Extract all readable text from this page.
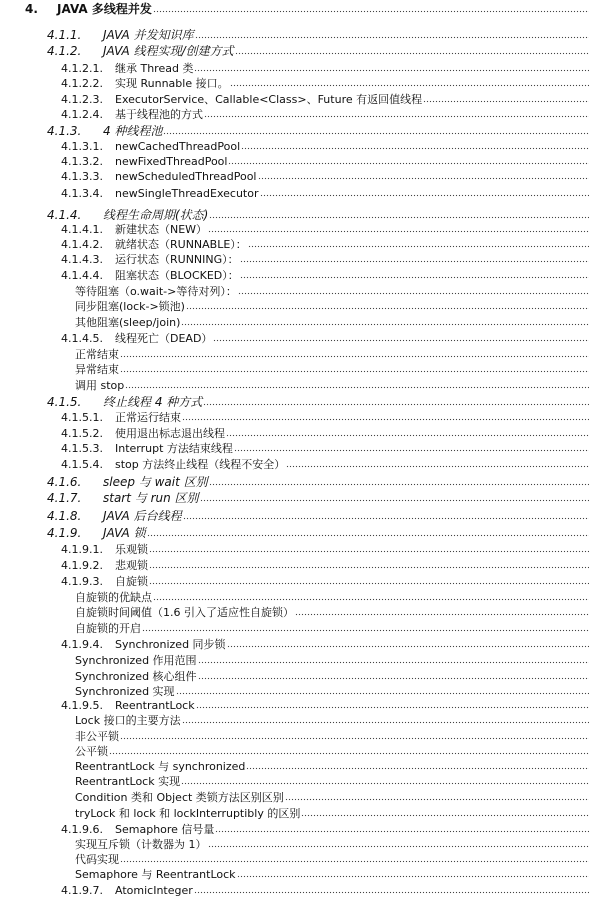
4.	JAVA 多线程并发
4.1.1.	JAVA 并发知识库
4.1.2.	JAVA 线程实现/创建方式
4.1.2.1.	继承 Thread 类
4.1.2.2.	实现 Runnable 接口。
4.1.2.3.	ExecutorService、Callable<Class>、Future 有返回值线程
4.1.2.4.	基于线程池的方式
4.1.3.	4 种线程池
4.1.3.1.	newCachedThreadPool
4.1.3.2.	newFixedThreadPool
4.1.3.3.	newScheduledThreadPool
4.1.3.4.	newSingleThreadExecutor
4.1.4.	线程生命周期(状态)
4.1.4.1.	新建状态（NEW）
4.1.4.2.	就绪状态（RUNNABLE）：
4.1.4.3.	运行状态（RUNNING）：
4.1.4.4.	阻塞状态（BLOCKED）：
等待阻塞（o.wait->等待对列）：
同步阻塞(lock->锁池)
其他阻塞(sleep/join)
4.1.4.5.	线程死亡（DEAD）
正常结束
异常结束
调用 stop
4.1.5.	终止线程 4 种方式
4.1.5.1.	正常运行结束
4.1.5.2.	使用退出标志退出线程
4.1.5.3.	Interrupt 方法结束线程
4.1.5.4.	stop 方法终止线程（线程不安全）
4.1.6.	sleep 与 wait 区别
4.1.7.	start 与 run 区别
4.1.8.	JAVA 后台线程
4.1.9.	JAVA 锁
4.1.9.1.	乐观锁
4.1.9.2.	悲观锁
4.1.9.3.	自旋锁
自旋锁的优缺点
自旋锁时间阈值（1.6 引入了适应性自旋锁）
自旋锁的开启
4.1.9.4.	Synchronized 同步锁
Synchronized 作用范围
Synchronized 核心组件
Synchronized 实现
4.1.9.5.	ReentrantLock
Lock 接口的主要方法
非公平锁
公平锁
ReentrantLock 与 synchronized
ReentrantLock 实现
Condition 类和 Object 类锁方法区别区别
tryLock 和 lock 和 lockInterruptibly 的区别
4.1.9.6.	Semaphore 信号量
实现互斥锁（计数器为 1）
代码实现
Semaphore 与 ReentrantLock
4.1.9.7.	AtomicInteger
